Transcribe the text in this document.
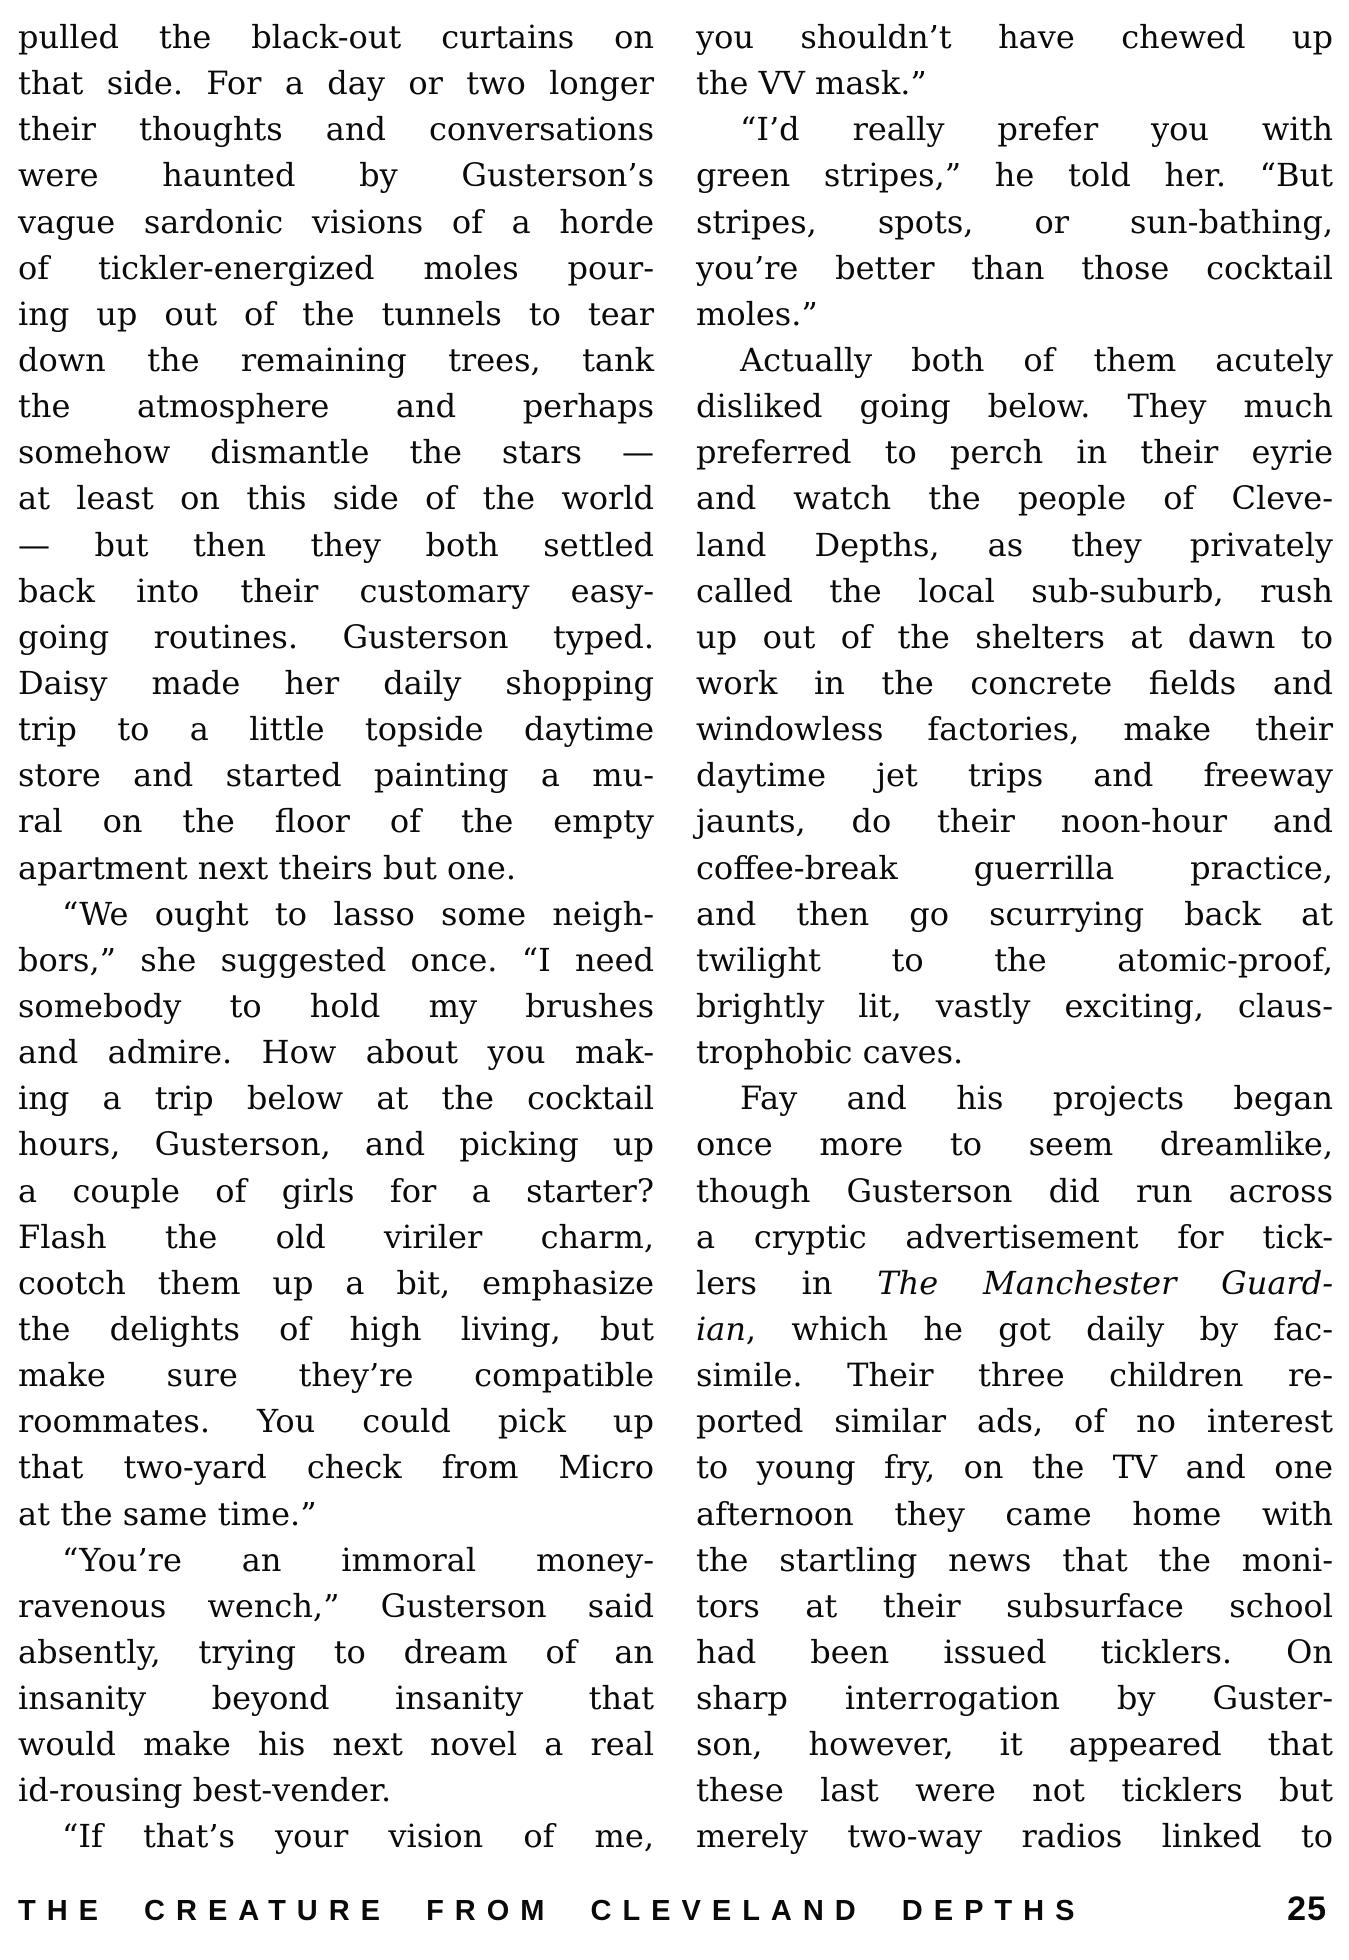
pulled the black-out curtains on
that side. For a day or two longer
their thoughts and conversations
were haunted by Gusterson’s
vague sardonic visions of a horde
of tickler-energized moles pour-
ing up out of the tunnels to tear
down the remaining trees, tank
the atmosphere and perhaps
somehow dismantle the stars —
at least on this side of the world
— but then they both settled
back into their customary easy-
going routines. Gusterson typed.
Daisy made her daily shopping
trip to a little topside daytime
store and started painting a mu-
ral on the floor of the empty
apartment next theirs but one.
“We ought to lasso some neigh-
bors,” she suggested once. “I need
somebody to hold my brushes
and admire. How about you mak-
ing a trip below at the cocktail
hours, Gusterson, and picking up
a couple of girls for a starter?
Flash the old viriler charm,
cootch them up a bit, emphasize
the delights of high living, but
make sure they’re compatible
roommates. You could pick up
that two-yard check from Micro
at the same time.”
“You’re an immoral money-
ravenous wench,” Gusterson said
absently, trying to dream of an
insanity beyond insanity that
would make his next novel a real
id-rousing best-vender.
“If that’s your vision of me,
you shouldn’t have chewed up
the VV mask.”
“I’d really prefer you with
green stripes,” he told her. “But
stripes, spots, or sun-bathing,
you’re better than those cocktail
moles.”
Actually both of them acutely
disliked going below. They much
preferred to perch in their eyrie
and watch the people of Cleve-
land Depths, as they privately
called the local sub-suburb, rush
up out of the shelters at dawn to
work in the concrete fields and
windowless factories, make their
daytime jet trips and freeway
jaunts, do their noon-hour and
coffee-break guerrilla practice,
and then go scurrying back at
twilight to the atomic-proof,
brightly lit, vastly exciting, claus-
trophobic caves.
Fay and his projects began
once more to seem dreamlike,
though Gusterson did run across
a cryptic advertisement for tick-
lers in The Manchester Guard-
ian, which he got daily by fac-
simile. Their three children re-
ported similar ads, of no interest
to young fry, on the TV and one
afternoon they came home with
the startling news that the moni-
tors at their subsurface school
had been issued ticklers. On
sharp interrogation by Guster-
son, however, it appeared that
these last were not ticklers but
merely two-way radios linked to
THE CREATURE FROM CLEVELAND DEPTHS	25
